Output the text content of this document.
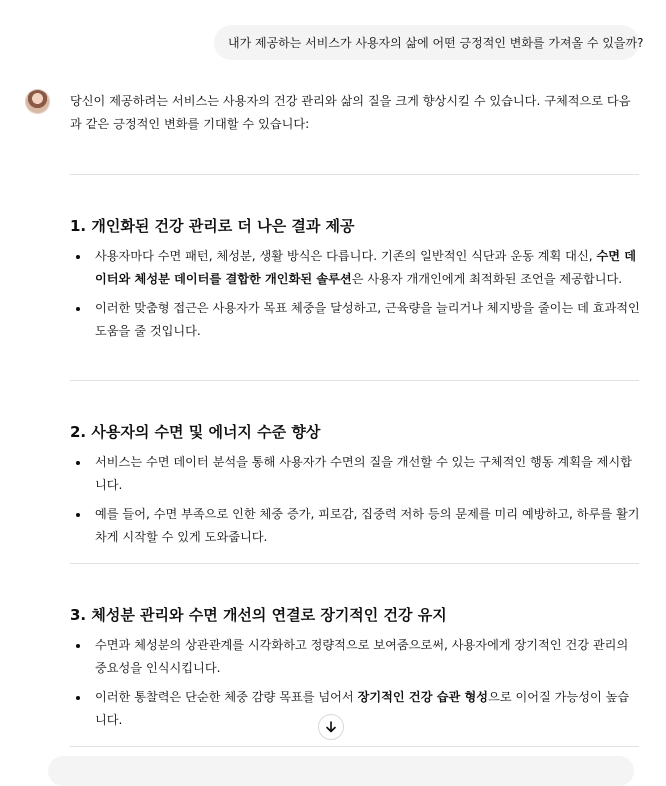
내가 제공하는 서비스가 사용자의 삶에 어떤 긍정적인 변화를 가져올 수 있을까?

당신이 제공하려는 서비스는 사용자의 건강 관리와 삶의 질을 크게 향상시킬 수 있습니다. 구체적으로 다음과 같은 긍정적인 변화를 기대할 수 있습니다:

1. 개인화된 건강 관리로 더 나은 결과 제공
사용자마다 수면 패턴, 체성분, 생활 방식은 다릅니다. 기존의 일반적인 식단과 운동 계획 대신, 수면 데이터와 체성분 데이터를 결합한 개인화된 솔루션은 사용자 개개인에게 최적화된 조언을 제공합니다.
이러한 맞춤형 접근은 사용자가 목표 체중을 달성하고, 근육량을 늘리거나 체지방을 줄이는 데 효과적인 도움을 줄 것입니다.
2. 사용자의 수면 및 에너지 수준 향상
서비스는 수면 데이터 분석을 통해 사용자가 수면의 질을 개선할 수 있는 구체적인 행동 계획을 제시합니다.
예를 들어, 수면 부족으로 인한 체중 증가, 피로감, 집중력 저하 등의 문제를 미리 예방하고, 하루를 활기차게 시작할 수 있게 도와줍니다.
3. 체성분 관리와 수면 개선의 연결로 장기적인 건강 유지
수면과 체성분의 상관관계를 시각화하고 정량적으로 보여줌으로써, 사용자에게 장기적인 건강 관리의 중요성을 인식시킵니다.
이러한 통찰력은 단순한 체중 감량 목표를 넘어서 장기적인 건강 습관 형성으로 이어질 가능성이 높습니다.
